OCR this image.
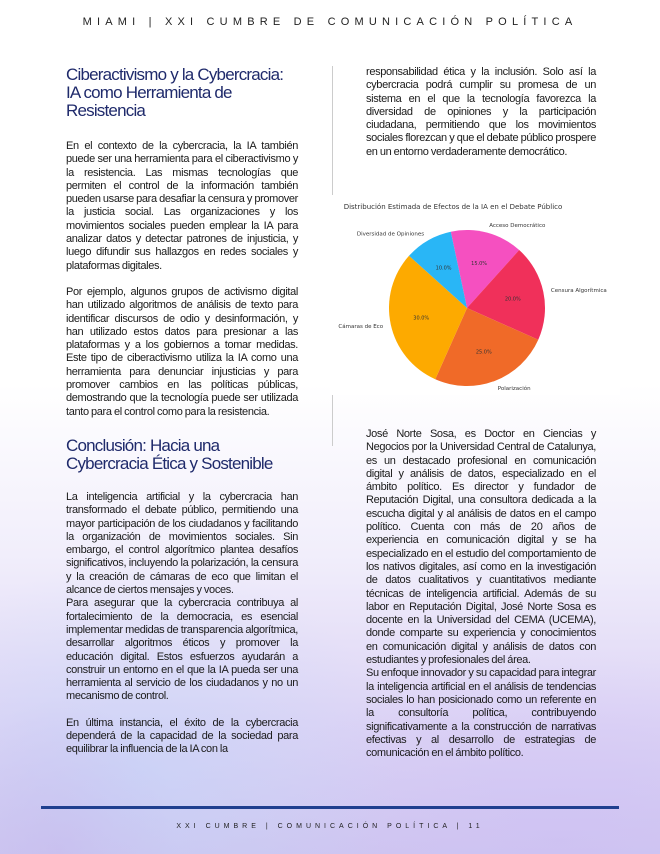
MIAMI | XXI CUMBRE DE COMUNICACIÓN POLÍTICA
Ciberactivismo y la Cybercracia: IA como Herramienta de Resistencia

En el contexto de la cybercracia, la IA también puede ser una herramienta para el ciberactivismo y la resistencia. Las mismas tecnologías que permiten el control de la información también pueden usarse para desafiar la censura y promover la justicia social. Las organizaciones y los movimientos sociales pueden emplear la IA para analizar datos y detectar patrones de injusticia, y luego difundir sus hallazgos en redes sociales y plataformas digitales.

Por ejemplo, algunos grupos de activismo digital han utilizado algoritmos de análisis de texto para identificar discursos de odio y desinformación, y han utilizado estos datos para presionar a las plataformas y a los gobiernos a tomar medidas. Este tipo de ciberactivismo utiliza la IA como una herramienta para denunciar injusticias y para promover cambios en las políticas públicas, demostrando que la tecnología puede ser utilizada tanto para el control como para la resistencia.

Conclusión: Hacia una Cybercracia Ética y Sostenible

La inteligencia artificial y la cybercracia han transformado el debate público, permitiendo una mayor participación de los ciudadanos y facilitando la organización de movimientos sociales. Sin embargo, el control algorítmico plantea desafíos significativos, incluyendo la polarización, la censura y la creación de cámaras de eco que limitan el alcance de ciertos mensajes y voces.

Para asegurar que la cybercracia contribuya al fortalecimiento de la democracia, es esencial implementar medidas de transparencia algorítmica, desarrollar algoritmos éticos y promover la educación digital. Estos esfuerzos ayudarán a construir un entorno en el que la IA pueda ser una herramienta al servicio de los ciudadanos y no un mecanismo de control.

En última instancia, el éxito de la cybercracia dependerá de la capacidad de la sociedad para equilibrar la influencia de la IA con la

responsabilidad ética y la inclusión. Solo así la cybercracia podrá cumplir su promesa de un sistema en el que la tecnología favorezca la diversidad de opiniones y la participación ciudadana, permitiendo que los movimientos sociales florezcan y que el debate público prospere en un entorno verdaderamente democrático.

Distribución Estimada de Efectos de la IA en el Debate Público
15.0%
Acceso Democrático
20.0%
Censura Algorítmica
25.0%
Polarización
30.0%
Cámaras de Eco
10.0%
Diversidad de Opiniones

José Norte Sosa, es Doctor en Ciencias y Negocios por la Universidad Central de Catalunya, es un destacado profesional en comunicación digital y análisis de datos, especializado en el ámbito político. Es director y fundador de Reputación Digital, una consultora dedicada a la escucha digital y al análisis de datos en el campo político. Cuenta con más de 20 años de experiencia en comunicación digital y se ha especializado en el estudio del comportamiento de los nativos digitales, así como en la investigación de datos cualitativos y cuantitativos mediante técnicas de inteligencia artificial. Además de su labor en Reputación Digital, José Norte Sosa es docente en la Universidad del CEMA (UCEMA), donde comparte su experiencia y conocimientos en comunicación digital y análisis de datos con estudiantes y profesionales del área.

Su enfoque innovador y su capacidad para integrar la inteligencia artificial en el análisis de tendencias sociales lo han posicionado como un referente en la consultoría política, contribuyendo significativamente a la construcción de narrativas efectivas y al desarrollo de estrategias de comunicación en el ámbito político.

XXI CUMBRE | COMUNICACIÓN POLÍTICA | 11
